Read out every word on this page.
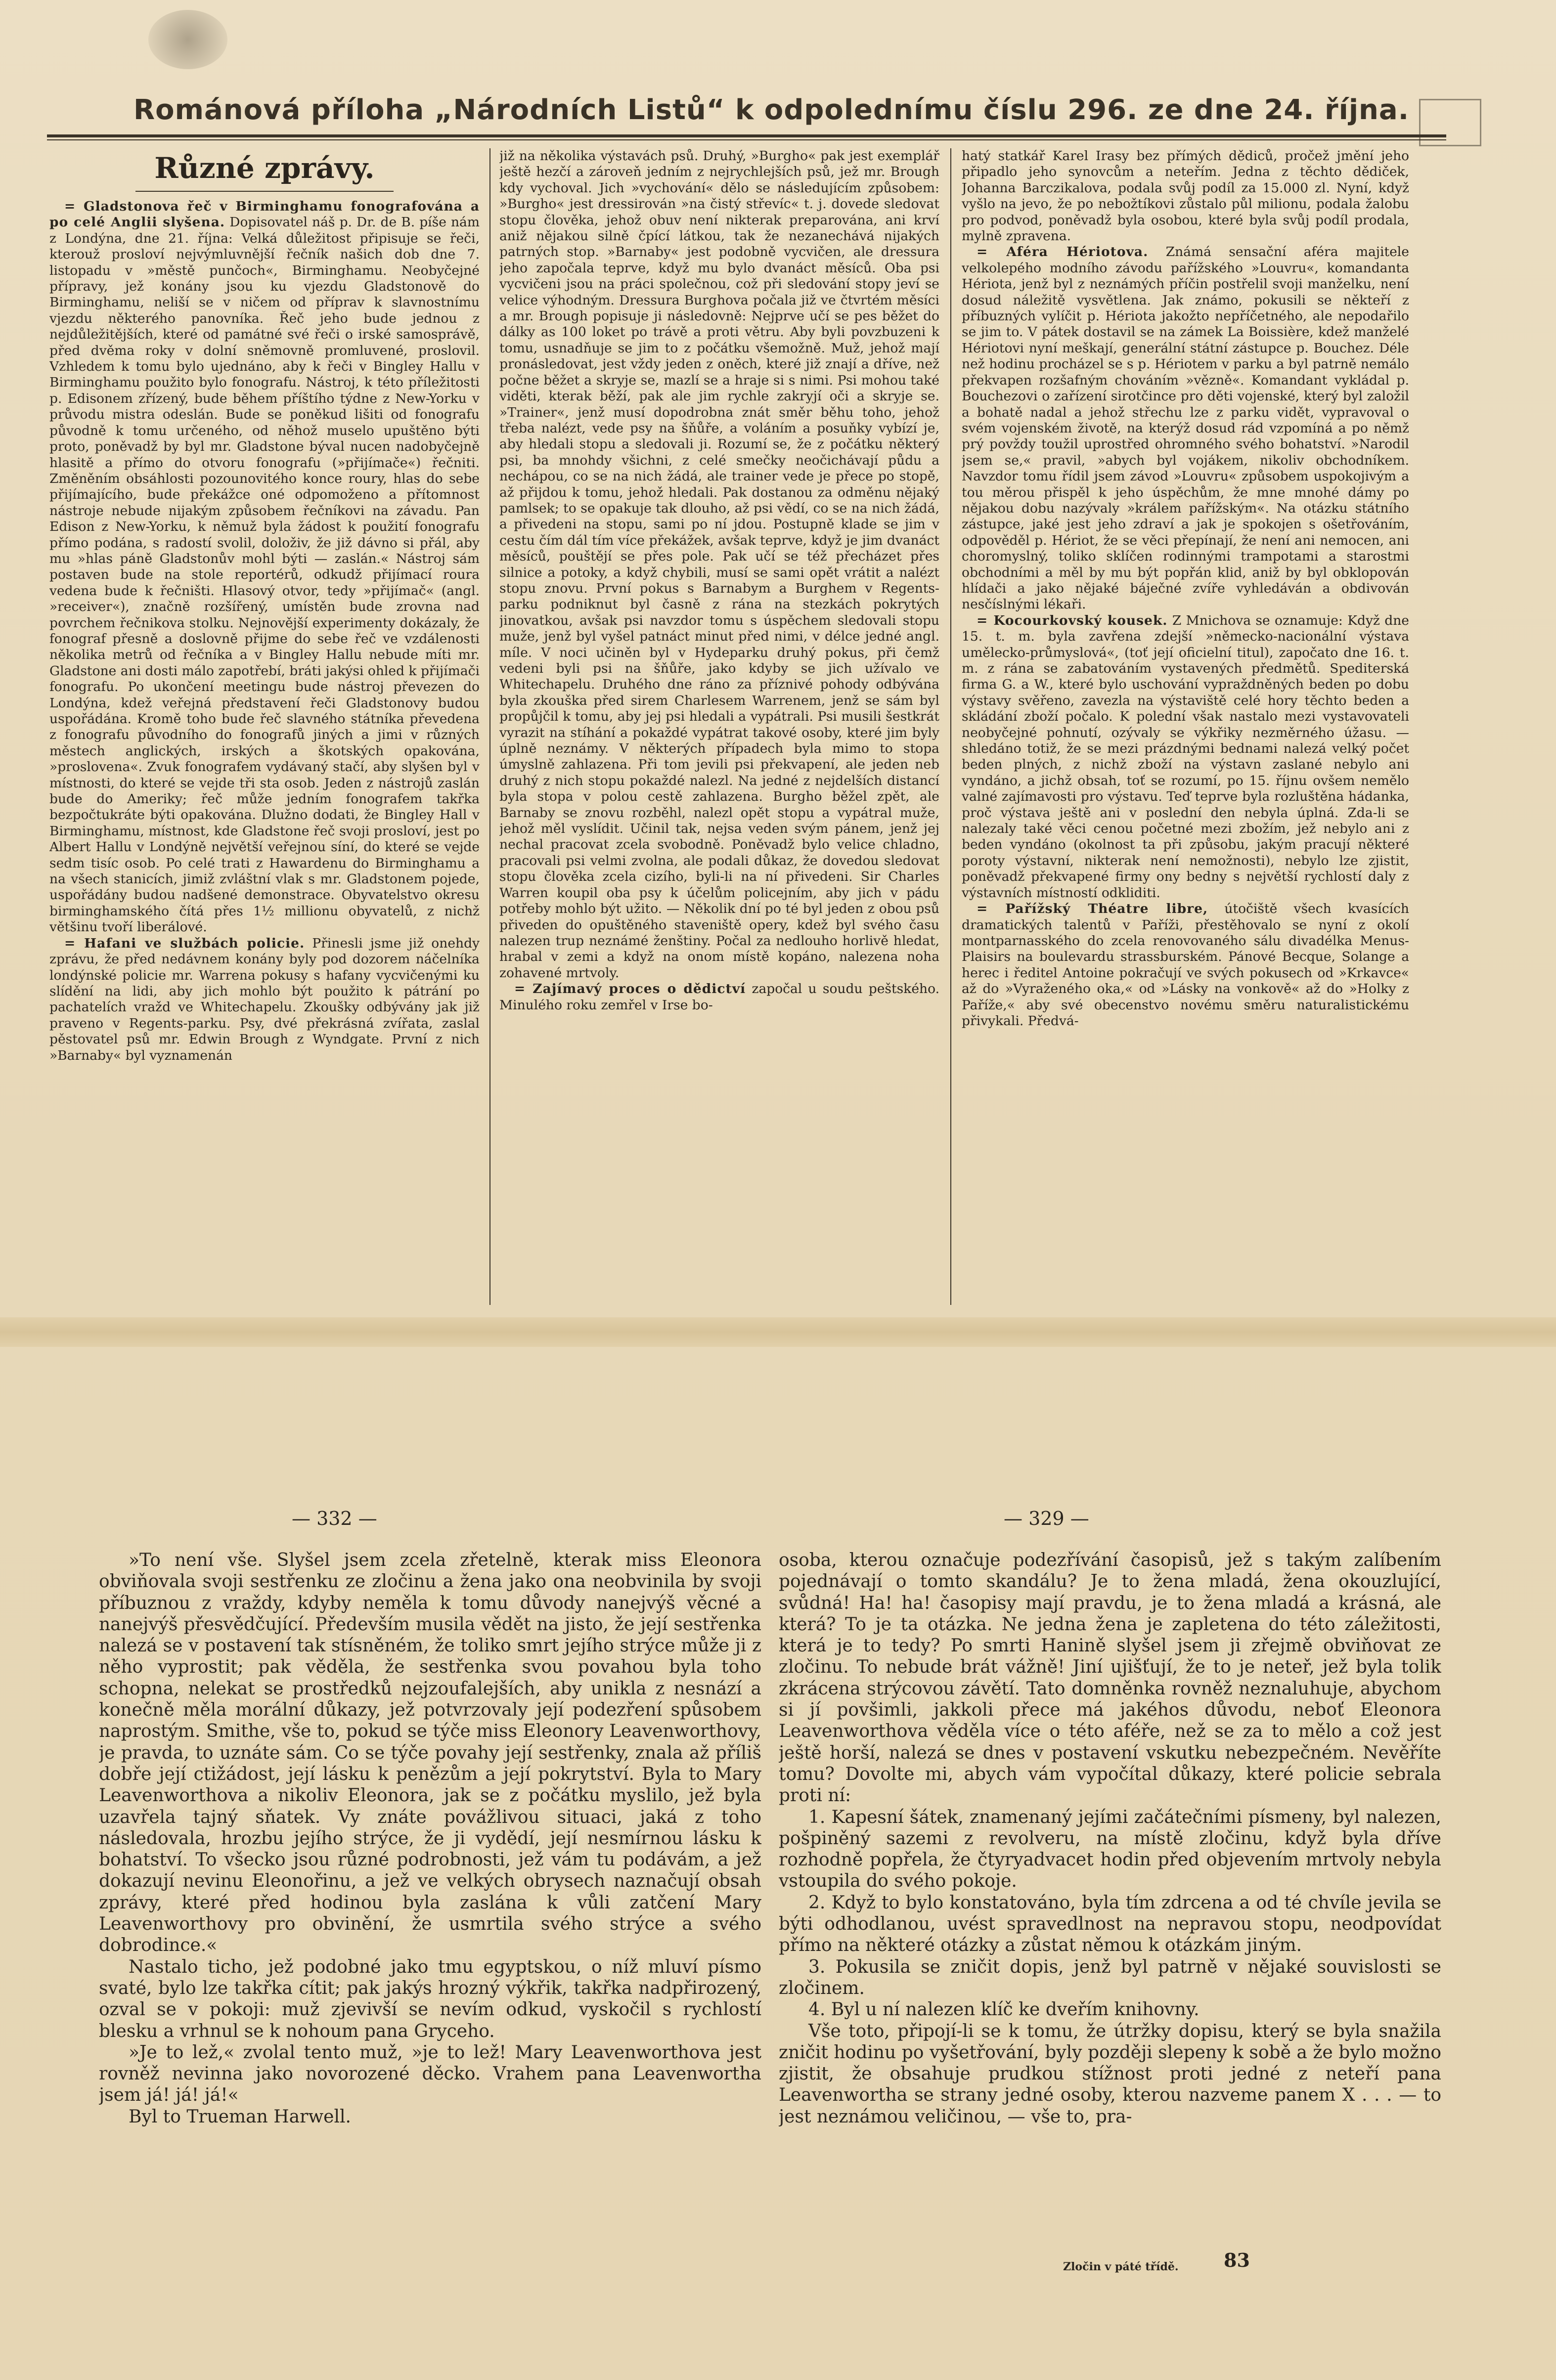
Románová příloha „Národních Listů“ k odpolednímu číslu 296. ze dne 24. října.
Různé zprávy.

= Gladstonova řeč v Birminghamu fonografována a po celé Anglii slyšena. Dopisovatel náš p. Dr. de B. píše nám z Londýna, dne 21. října: Velká důležitost připisuje se řeči, kterouž prosloví nejvýmluvnější řečník našich dob dne 7. listopadu v »městě punčoch«, Birminghamu. Neobyčejné přípravy, jež konány jsou ku vjezdu Gladstonově do Birminghamu, neliší se v ničem od příprav k slavnostnímu vjezdu některého panovníka. Řeč jeho bude jednou z nejdůležitějších, které od památné své řeči o irské samosprávě, před dvěma roky v dolní sněmovně promluvené, proslovil. Vzhledem k tomu bylo ujednáno, aby k řeči v Bingley Hallu v Birminghamu použito bylo fonografu. Nástroj, k této příležitosti p. Edisonem zřízený, bude během příštího týdne z New-Yorku v průvodu mistra odeslán. Bude se poněkud lišiti od fonografu původně k tomu určeného, od něhož muselo upuštěno býti proto, poněvadž by byl mr. Gladstone býval nucen nadobyčejně hlasitě a přímo do otvoru fonografu (»přijímače«) řečniti. Změněním obsáhlosti pozounovitého konce roury, hlas do sebe přijímajícího, bude překážce oné odpomoženo a přítomnost nástroje nebude nijakým způsobem řečníkovi na závadu. Pan Edison z New-Yorku, k němuž byla žádost k použití fonografu přímo podána, s radostí svolil, doloživ, že již dávno si přál, aby mu »hlas páně Gladstonův mohl býti — zaslán.« Nástroj sám postaven bude na stole reportérů, odkudž přijímací roura vedena bude k řečništi. Hlasový otvor, tedy »přijímač« (angl. »receiver«), značně rozšířený, umístěn bude zrovna nad povrchem řečnikova stolku. Nejnovější experimenty dokázaly, že fonograf přesně a doslovně přijme do sebe řeč ve vzdálenosti několika metrů od řečníka a v Bingley Hallu nebude míti mr. Gladstone ani dosti málo zapotřebí, bráti jakýsi ohled k přijímači fonografu. Po ukončení meetingu bude nástroj převezen do Londýna, kdež veřejná představení řeči Gladstonovy budou uspořádána. Kromě toho bude řeč slavného státníka převedena z fonografu původního do fonografů jiných a jimi v různých městech anglických, irských a škotských opakována, »proslovena«. Zvuk fonografem vydávaný stačí, aby slyšen byl v místnosti, do které se vejde tři sta osob. Jeden z nástrojů zaslán bude do Ameriky; řeč může jedním fonografem takřka bezpočtukráte býti opakována. Dlužno dodati, že Bingley Hall v Birminghamu, místnost, kde Gladstone řeč svoji prosloví, jest po Albert Hallu v Londýně největší veřejnou síní, do které se vejde sedm tisíc osob. Po celé trati z Hawardenu do Birminghamu a na všech stanicích, jimiž zvláštní vlak s mr. Gladstonem pojede, uspořádány budou nadšené demonstrace. Obyvatelstvo okresu birminghamského čítá přes 1½ millionu obyvatelů, z nichž většinu tvoří liberálové.

= Hafani ve službách policie. Přinesli jsme již onehdy zprávu, že před nedávnem konány byly pod dozorem náčelníka londýnské policie mr. Warrena pokusy s hafany vycvičenými ku slídění na lidi, aby jich mohlo být použito k pátrání po pachatelích vražd ve Whitechapelu. Zkoušky odbývány jak již praveno v Regents-parku. Psy, dvé překrásná zvířata, zaslal pěstovatel psů mr. Edwin Brough z Wyndgate. První z nich »Barnaby« byl vyznamenán

již na několika výstavách psů. Druhý, »Burgho« pak jest exemplář ještě hezčí a zároveň jedním z nejrychlejších psů, jež mr. Brough kdy vychoval. Jich »vychování« dělo se následujícím způsobem: »Burgho« jest dressirován »na čistý střevíc« t. j. dovede sledovat stopu člověka, jehož obuv není nikterak preparována, ani krví aniž nějakou silně čpící látkou, tak že nezanechává nijakých patrných stop. »Barnaby« jest podobně vycvičen, ale dressura jeho započala teprve, když mu bylo dvanáct měsíců. Oba psi vycvičeni jsou na práci společnou, což při sledování stopy jeví se velice výhodným. Dressura Burghova počala již ve čtvrtém měsíci a mr. Brough popisuje ji následovně: Nejprve učí se pes běžet do dálky as 100 loket po trávě a proti větru. Aby byli povzbuzeni k tomu, usnadňuje se jim to z počátku všemožně. Muž, jehož mají pronásledovat, jest vždy jeden z oněch, které již znají a dříve, než počne běžet a skryje se, mazlí se a hraje si s nimi. Psi mohou také viděti, kterak běží, pak ale jim rychle zakryjí oči a skryje se. »Trainer«, jenž musí dopodrobna znát směr běhu toho, jehož třeba nalézt, vede psy na šňůře, a voláním a posuňky vybízí je, aby hledali stopu a sledovali ji. Rozumí se, že z počátku některý psi, ba mnohdy všichni, z celé smečky neočichávají půdu a nechápou, co se na nich žádá, ale trainer vede je přece po stopě, až přijdou k tomu, jehož hledali. Pak dostanou za odměnu nějaký pamlsek; to se opakuje tak dlouho, až psi vědí, co se na nich žádá, a přivedeni na stopu, sami po ní jdou. Postupně klade se jim v cestu čím dál tím více překážek, avšak teprve, když je jim dvanáct měsíců, pouštějí se přes pole. Pak učí se též přecházet přes silnice a potoky, a když chybili, musí se sami opět vrátit a nalézt stopu znovu. První pokus s Barnabym a Burghem v Regents-parku podniknut byl časně z rána na stezkách pokrytých jinovatkou, avšak psi navzdor tomu s úspěchem sledovali stopu muže, jenž byl vyšel patnáct minut před nimi, v délce jedné angl. míle. V noci učiněn byl v Hydeparku druhý pokus, při čemž vedeni byli psi na šňůře, jako kdyby se jich užívalo ve Whitechapelu. Druhého dne ráno za příznivé pohody odbývána byla zkouška před sirem Charlesem Warrenem, jenž se sám byl propůjčil k tomu, aby jej psi hledali a vypátrali. Psi musili šestkrát vyrazit na stíhání a pokaždé vypátrat takové osoby, které jim byly úplně neznámy. V některých případech byla mimo to stopa úmyslně zahlazena. Při tom jevili psi překvapení, ale jeden neb druhý z nich stopu pokaždé nalezl. Na jedné z nejdelších distancí byla stopa v polou cestě zahlazena. Burgho běžel zpět, ale Barnaby se znovu rozběhl, nalezl opět stopu a vypátral muže, jehož měl vyslídit. Učinil tak, nejsa veden svým pánem, jenž jej nechal pracovat zcela svobodně. Poněvadž bylo velice chladno, pracovali psi velmi zvolna, ale podali důkaz, že dovedou sledovat stopu člověka zcela cizího, byli-li na ní přivedeni. Sir Charles Warren koupil oba psy k účelům policejním, aby jich v pádu potřeby mohlo být užito. — Několik dní po té byl jeden z obou psů přiveden do opuštěného staveniště opery, kdež byl svého času nalezen trup neznámé ženštiny. Počal za nedlouho horlivě hledat, hrabal v zemi a když na onom místě kopáno, nalezena noha zohavené mrtvoly.

= Zajímavý proces o dědictví započal u soudu peštského. Minulého roku zemřel v Irse bo-

hatý statkář Karel Irasy bez přímých dědiců, pročež jmění jeho připadlo jeho synovcům a neteřím. Jedna z těchto dědiček, Johanna Barczikalova, podala svůj podíl za 15.000 zl. Nyní, když vyšlo na jevo, že po nebožtíkovi zůstalo půl milionu, podala žalobu pro podvod, poněvadž byla osobou, které byla svůj podíl prodala, mylně zpravena.

= Aféra Hériotova. Známá sensační aféra majitele velkolepého modního závodu pařížského »Louvru«, komandanta Hériota, jenž byl z neznámých příčin postřelil svoji manželku, není dosud náležitě vysvětlena. Jak známo, pokusili se někteří z příbuzných vylíčit p. Hériota jakožto nepříčetného, ale nepodařilo se jim to. V pátek dostavil se na zámek La Boissière, kdež manželé Hériotovi nyní meškají, generální státní zástupce p. Bouchez. Déle než hodinu procházel se s p. Hériotem v parku a byl patrně nemálo překvapen rozšafným chováním »vězně«. Komandant vykládal p. Bouchezovi o zařízení sirotčince pro děti vojenské, který byl založil a bohatě nadal a jehož střechu lze z parku vidět, vypravoval o svém vojenském životě, na kterýž dosud rád vzpomíná a po němž prý povždy toužil uprostřed ohromného svého bohatství. »Narodil jsem se,« pravil, »abych byl vojákem, nikoliv obchodníkem. Navzdor tomu řídil jsem závod »Louvru« způsobem uspokojivým a tou měrou přispěl k jeho úspěchům, že mne mnohé dámy po nějakou dobu nazývaly »králem pařížským«. Na otázku státního zástupce, jaké jest jeho zdraví a jak je spokojen s ošetřováním, odpověděl p. Hériot, že se věci přepínají, že není ani nemocen, ani choromyslný, toliko sklíčen rodinnými trampotami a starostmi obchodními a měl by mu být popřán klid, aniž by byl obklopován hlídači a jako nějaké báječné zvíře vyhledáván a obdivován nesčíslnými lékaři.

= Kocourkovský kousek. Z Mnichova se oznamuje: Když dne 15. t. m. byla zavřena zdejší »německo-nacionální výstava umělecko-průmyslová«, (toť její oficielní titul), započato dne 16. t. m. z rána se zabatováním vystavených předmětů. Spediterská firma G. a W., které bylo uschování vypraždněných beden po dobu výstavy svěřeno, zavezla na výstaviště celé hory těchto beden a skládání zboží počalo. K polední však nastalo mezi vystavovateli neobyčejné pohnutí, ozývaly se výkřiky nezměrného úžasu. — shledáno totiž, že se mezi prázdnými bednami nalezá velký počet beden plných, z nichž zboží na výstavn zaslané nebylo ani vyndáno, a jichž obsah, toť se rozumí, po 15. říjnu ovšem nemělo valné zajímavosti pro výstavu. Teď teprve byla rozluštěna hádanka, proč výstava ještě ani v poslední den nebyla úplná. Zda-li se nalezaly také věci cenou početné mezi zbožím, jež nebylo ani z beden vyndáno (okolnost ta při způsobu, jakým pracují některé poroty výstavní, nikterak není nemožnosti), nebylo lze zjistit, poněvadž překvapené firmy ony bedny s největší rychlostí daly z výstavních místností odkliditi.

= Pařížský Théatre libre, útočiště všech kvasících dramatických talentů v Paříži, přestěhovalo se nyní z okolí montparnasského do zcela renovovaného sálu divadélka Menus-Plaisirs na boulevardu strassburském. Pánové Becque, Solange a herec i ředitel Antoine pokračují ve svých pokusech od »Krkavce« až do »Vyraženého oka,« od »Lásky na vonkově« až do »Holky z Paříže,« aby své obecenstvo novému směru naturalistickému přivykali. Předvá-

— 332 —	— 329 —

»To není vše. Slyšel jsem zcela zřetelně, kterak miss Eleonora obviňovala svoji sestřenku ze zločinu a žena jako ona neobvinila by svoji příbuznou z vraždy, kdyby neměla k tomu důvody nanejvýš věcné a nanejvýš přesvědčující. Především musila vědět na jisto, že její sestřenka nalezá se v postavení tak stísněném, že toliko smrt jejího strýce může ji z něho vyprostit; pak věděla, že sestřenka svou povahou byla toho schopna, nelekat se prostředků nejzoufalejších, aby unikla z nesnází a konečně měla morální důkazy, jež potvrzovaly její podezření spůsobem naprostým. Smithe, vše to, pokud se týče miss Eleonory Leavenworthovy, je pravda, to uznáte sám. Co se týče povahy její sestřenky, znala až příliš dobře její ctižádost, její lásku k penězům a její pokrytství. Byla to Mary Leavenworthova a nikoliv Eleonora, jak se z počátku myslilo, jež byla uzavřela tajný sňatek. Vy znáte povážlivou situaci, jaká z toho následovala, hrozbu jejího strýce, že ji vydědí, její nesmírnou lásku k bohatství. To všecko jsou různé podrobnosti, jež vám tu podávám, a jež dokazují nevinu Eleonořinu, a jež ve velkých obrysech naznačují obsah zprávy, které před hodinou byla zaslána k vůli zatčení Mary Leavenworthovy pro obvinění, že usmrtila svého strýce a svého dobrodince.«

Nastalo ticho, jež podobné jako tmu egyptskou, o níž mluví písmo svaté, bylo lze takřka cítit; pak jakýs hrozný výkřik, takřka nadpřirozený, ozval se v pokoji: muž zjevivší se nevím odkud, vyskočil s rychlostí blesku a vrhnul se k nohoum pana Gryceho.

»Je to lež,« zvolal tento muž, »je to lež! Mary Leavenworthova jest rovněž nevinna jako novorozené děcko. Vrahem pana Leavenwortha jsem já! já! já!«

Byl to Trueman Harwell.

osoba, kterou označuje podezřívání časopisů, jež s takým zalíbením pojednávají o tomto skandálu? Je to žena mladá, žena okouzlující, svůdná! Ha! ha! časopisy mají pravdu, je to žena mladá a krásná, ale která? To je ta otázka. Ne jedna žena je zapletena do této záležitosti, která je to tedy? Po smrti Hanině slyšel jsem ji zřejmě obviňovat ze zločinu. To nebude brát vážně! Jiní ujišťují, že to je neteř, jež byla tolik zkrácena strýcovou závětí. Tato domněnka rovněž neznaluhuje, abychom si jí povšimli, jakkoli přece má jakéhos důvodu, neboť Eleonora Leavenworthova věděla více o této aféře, než se za to mělo a což jest ještě horší, nalezá se dnes v postavení vskutku nebezpečném. Nevěříte tomu? Dovolte mi, abych vám vypočítal důkazy, které policie sebrala proti ní:

1. Kapesní šátek, znamenaný jejími začátečními písmeny, byl nalezen, pošpiněný sazemi z revolveru, na místě zločinu, když byla dříve rozhodně popřela, že čtyryadvacet hodin před objevením mrtvoly nebyla vstoupila do svého pokoje.

2. Když to bylo konstatováno, byla tím zdrcena a od té chvíle jevila se býti odhodlanou, uvést spravedlnost na nepravou stopu, neodpovídat přímo na některé otázky a zůstat němou k otázkám jiným.

3. Pokusila se zničit dopis, jenž byl patrně v nějaké souvislosti se zločinem.

4. Byl u ní nalezen klíč ke dveřím knihovny.

Vše toto, připojí-li se k tomu, že útržky dopisu, který se byla snažila zničit hodinu po vyšetřování, byly později slepeny k sobě a že bylo možno zjistit, že obsahuje prudkou stížnost proti jedné z neteří pana Leavenwortha se strany jedné osoby, kterou nazveme panem X . . . — to jest neznámou veličinou, — vše to, pra-

Zločin v páté třídě. 83
